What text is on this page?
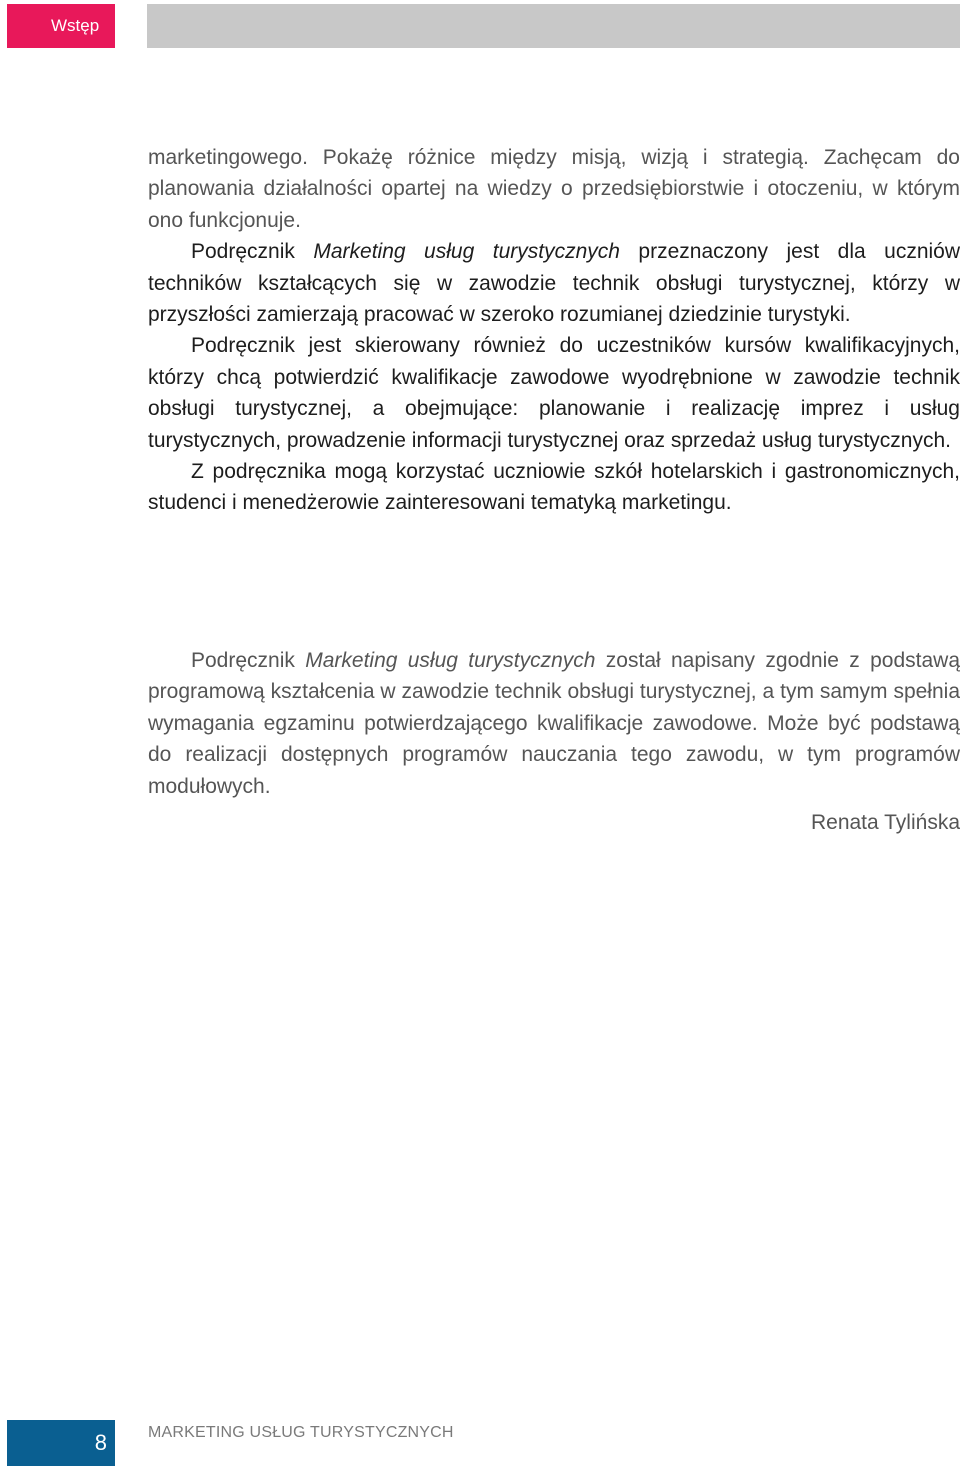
Wstęp

marketingowego. Pokażę różnice między misją, wizją i strategią. Zachęcam do planowania działalności opartej na wiedzy o przedsiębiorstwie i otoczeniu, w którym ono funkcjonuje.

Podręcznik Marketing usług turystycznych przeznaczony jest dla uczniów techników kształcących się w zawodzie technik obsługi turystycznej, którzy w przyszłości zamierzają pracować w szeroko rozumianej dziedzinie turystyki.

Podręcznik jest skierowany również do uczestników kursów kwalifikacyjnych, którzy chcą potwierdzić kwalifikacje zawodowe wyodrębnione w zawodzie technik obsługi turystycznej, a obejmujące: planowanie i realizację imprez i usług turystycznych, prowadzenie informacji turystycznej oraz sprzedaż usług turystycznych.

Z podręcznika mogą korzystać uczniowie szkół hotelarskich i gastronomicznych, studenci i menedżerowie zainteresowani tematyką marketingu.

Podręcznik Marketing usług turystycznych został napisany zgodnie z podstawą programową kształcenia w zawodzie technik obsługi turystycznej, a tym samym spełnia wymagania egzaminu potwierdzającego kwalifikacje zawodowe. Może być podstawą do realizacji dostępnych programów nauczania tego zawodu, w tym programów modułowych.

Renata Tylińska
8	MARKETING USŁUG TURYSTYCZNYCH
